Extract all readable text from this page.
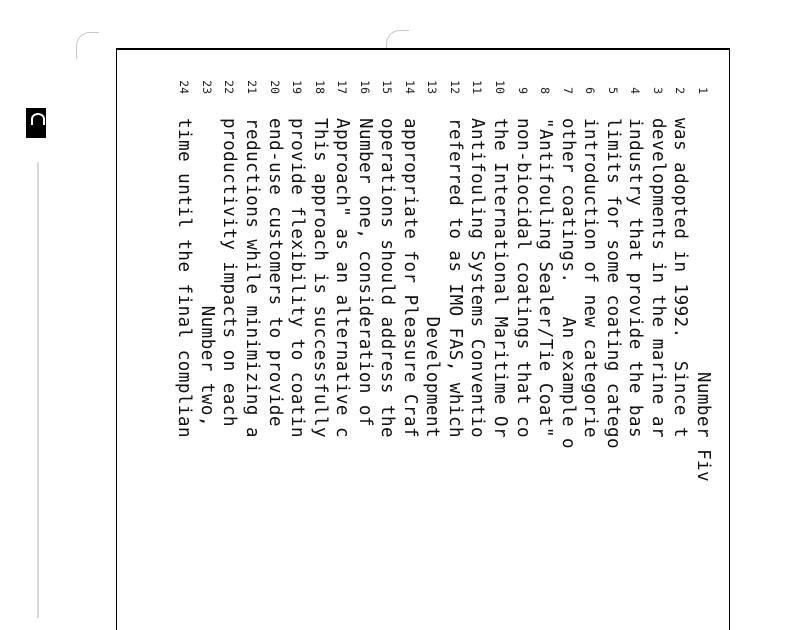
1
Number Fiv
2
was adopted in 1992.  Since t
3
developments in the marine ar
4
industry that provide the bas
5
limits for some coating catego
6
introduction of new categorie
7
other coatings.   An example o
8
"Antifouling Sealer/Tie Coat"
9
non-biocidal coatings that co
10
the International Maritime Or
11
Antifouling Systems Conventio
12
referred to as IMO FAS, which
13
Development
14
appropriate for Pleasure Craf
15
operations should address the
16
Number one, consideration of
17
Approach" as an alternative c
18
This approach is successfully
19
provide flexibility to coatin
20
end-use customers to provide
21
reductions while minimizing a
22
productivity impacts on each
23
Number two,
24
time until the final complian
